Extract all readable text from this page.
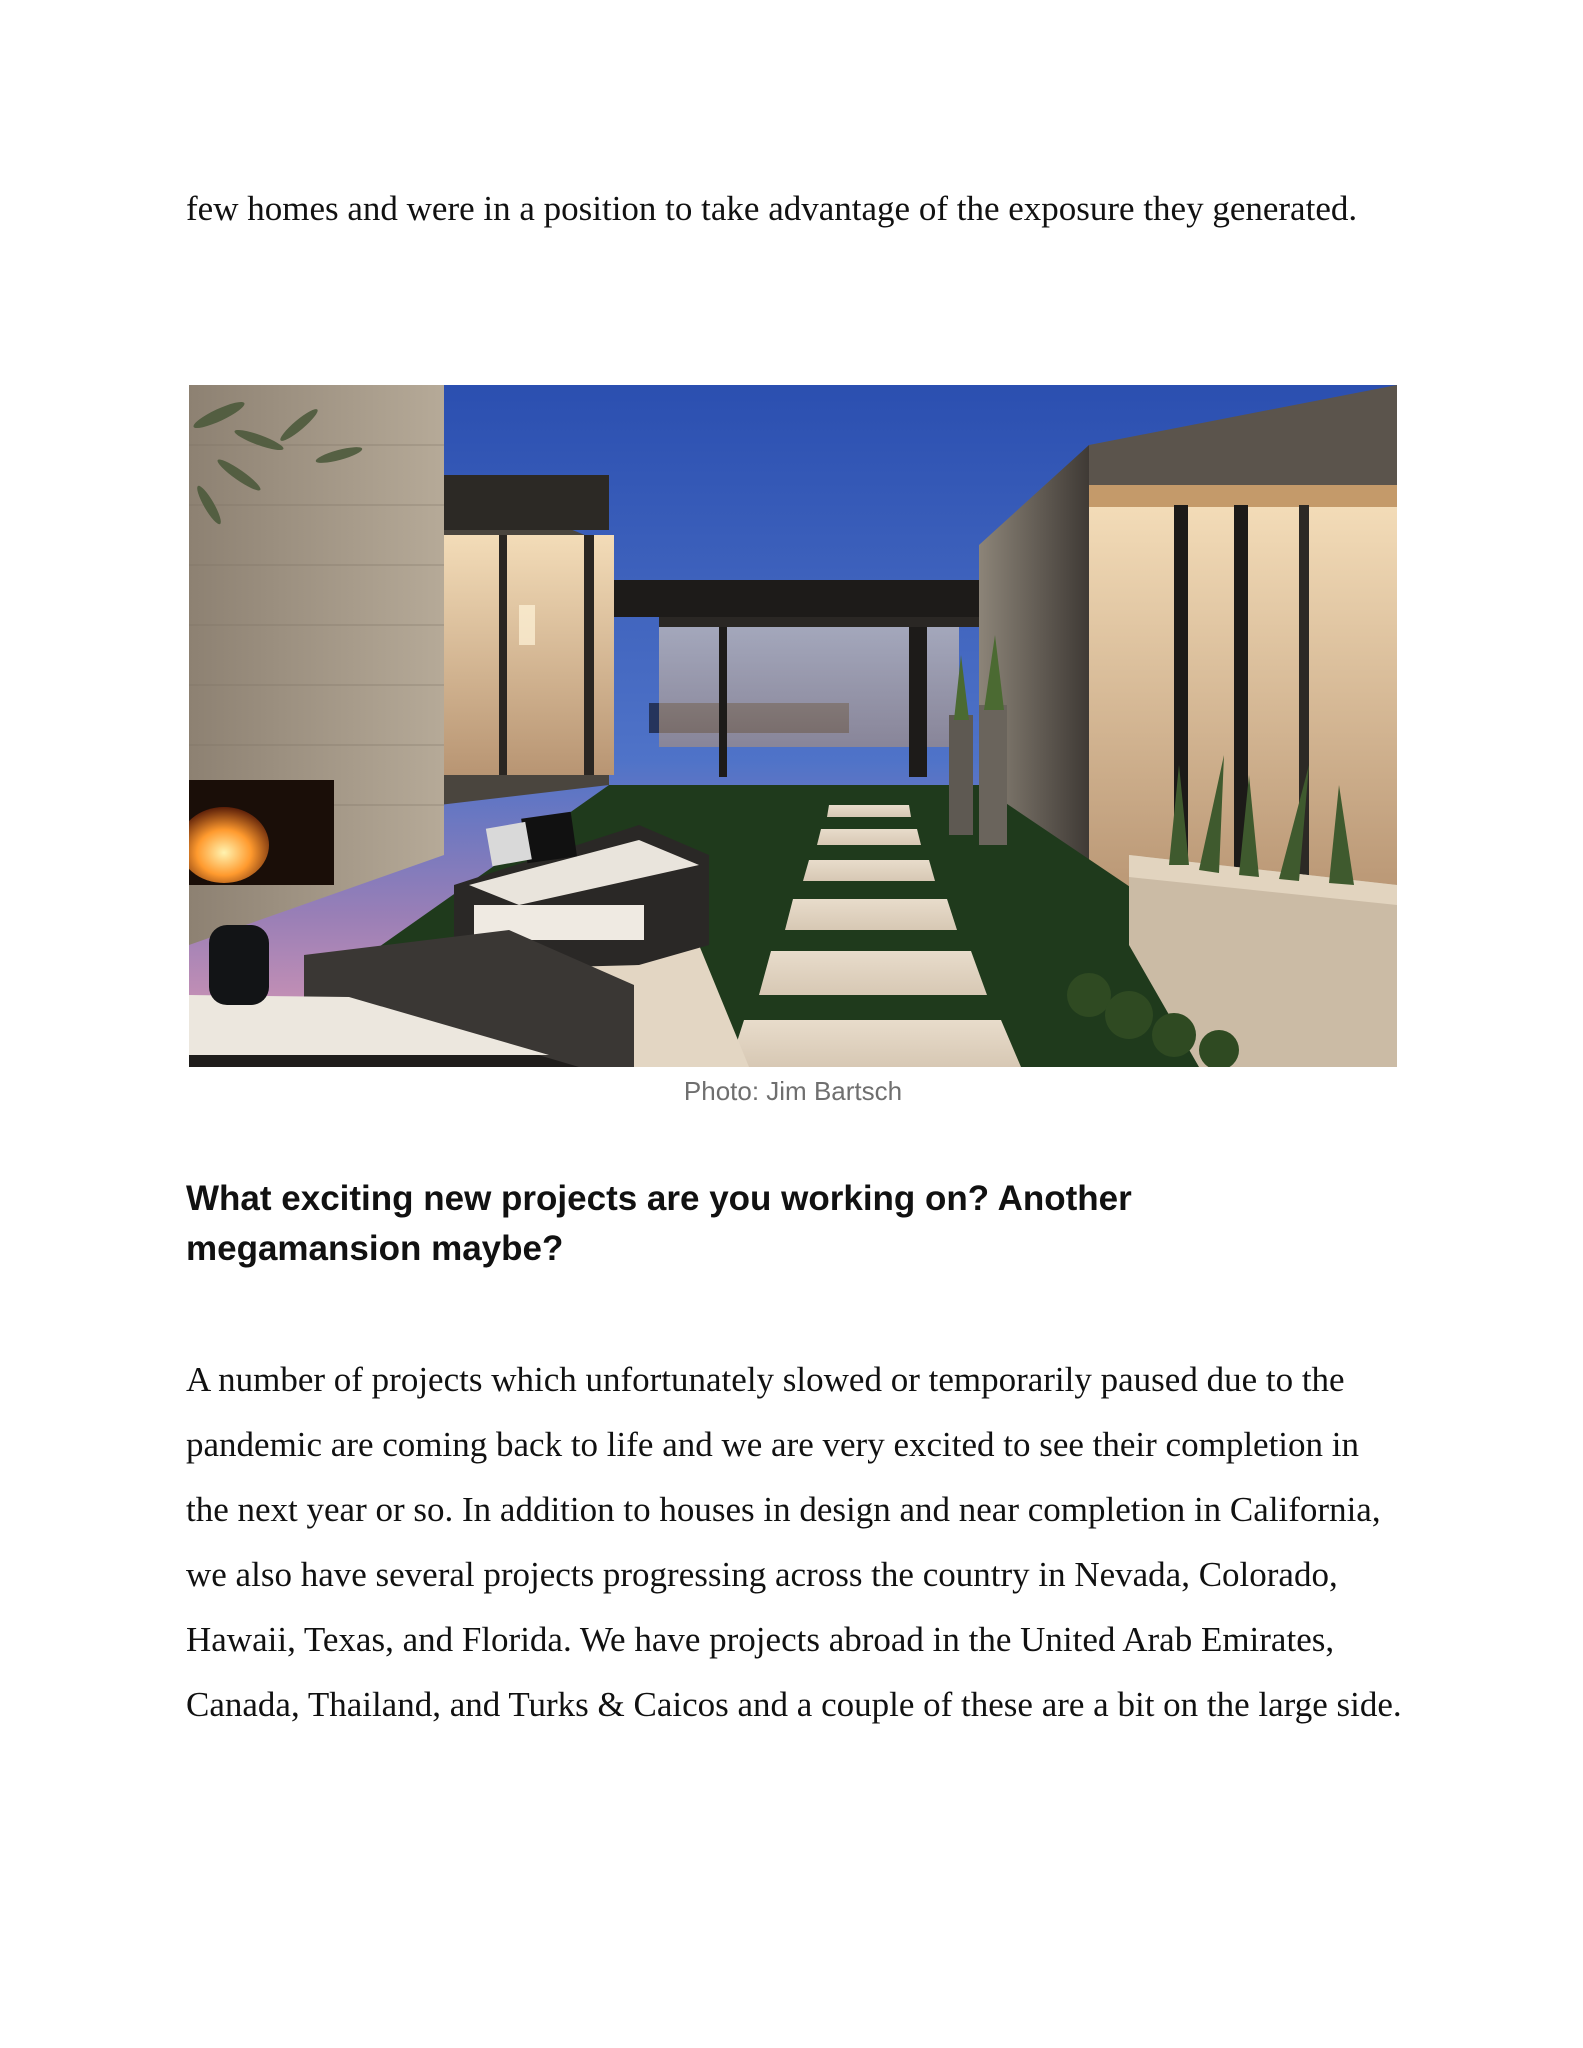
few homes and were in a position to take advantage of the exposure they generated.

Photo: Jim Bartsch

What exciting new projects are you working on? Another megamansion maybe?

A number of projects which unfortunately slowed or temporarily paused due to the pandemic are coming back to life and we are very excited to see their completion in the next year or so. In addition to houses in design and near completion in California, we also have several projects progressing across the country in Nevada, Colorado, Hawaii, Texas, and Florida. We have projects abroad in the United Arab Emirates, Canada, Thailand, and Turks & Caicos and a couple of these are a bit on the large side.
